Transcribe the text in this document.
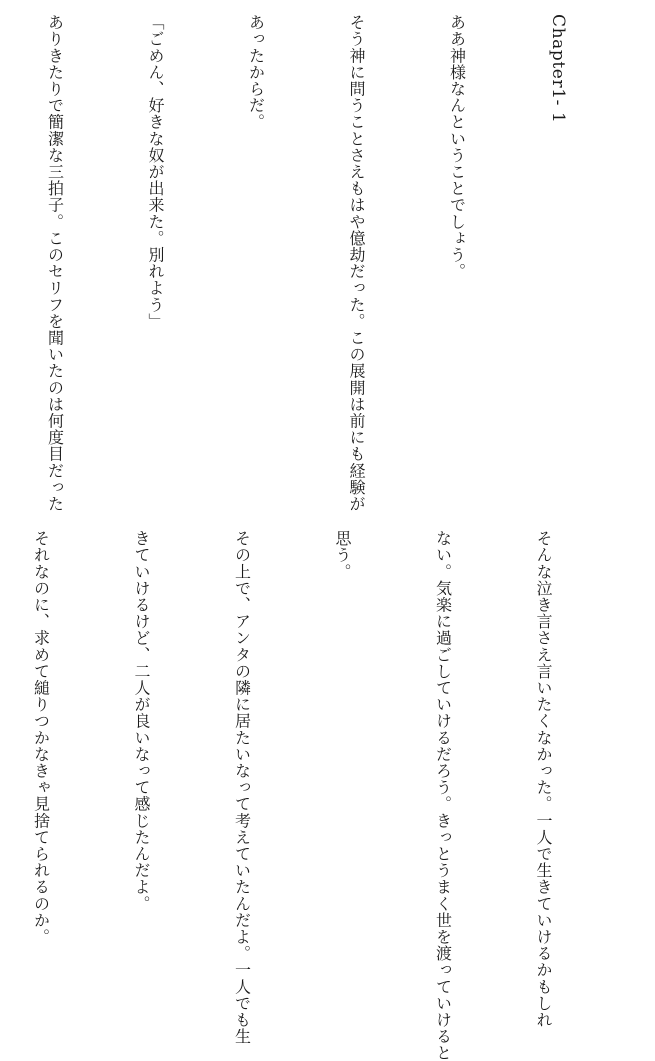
Chapter1- 1

ああ神様なんということでしょう。

そう神に問うことさえもはや億劫だった。この展開は前にも経験が

あったからだ。

「ごめん、好きな奴が出来た。別れよう」

ありきたりで簡潔な三拍子。このセリフを聞いたのは何度目だった

そんな泣き言さえ言いたくなかった。一人で生きていけるかもしれ

ない。気楽に過ごしていけるだろう。きっとうまく世を渡っていけると

思う。

その上で、アンタの隣に居たいなって考えていたんだよ。一人でも生

きていけるけど、二人が良いなって感じたんだよ。

それなのに、求めて縋りつかなきゃ見捨てられるのか。
